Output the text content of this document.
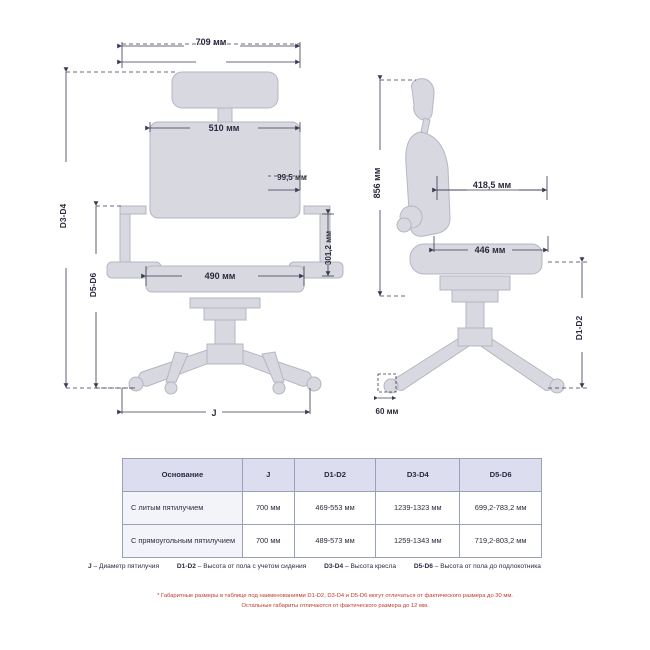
709 мм
510 мм
99,5 мм
490 мм
301,2 мм
D3-D4
D5-D6
J
856 мм	418,5 мм
446 мм
D1-D2
60 мм
Основание	J	D1-D2	D3-D4	D5-D6
С литым пятилучием	700 мм	469-553 мм	1239-1323 мм	699,2-783,2 мм
С прямоугольным пятилучием	700 мм	489-573 мм	1259-1343 мм	719,2-803,2 мм
J – Диаметр пятилучия	D1-D2 – Высота от пола с учетом сидения	D3-D4 – Высота кресла	D5-D6 – Высота от пола до подлокотника
* Габаритные размеры в таблице под наименованиями D1-D2, D3-D4 и D5-D6 могут отличаться от фактического размера до 30 мм.
Остальные габариты отличаются от фактического размера до 12 мм.
